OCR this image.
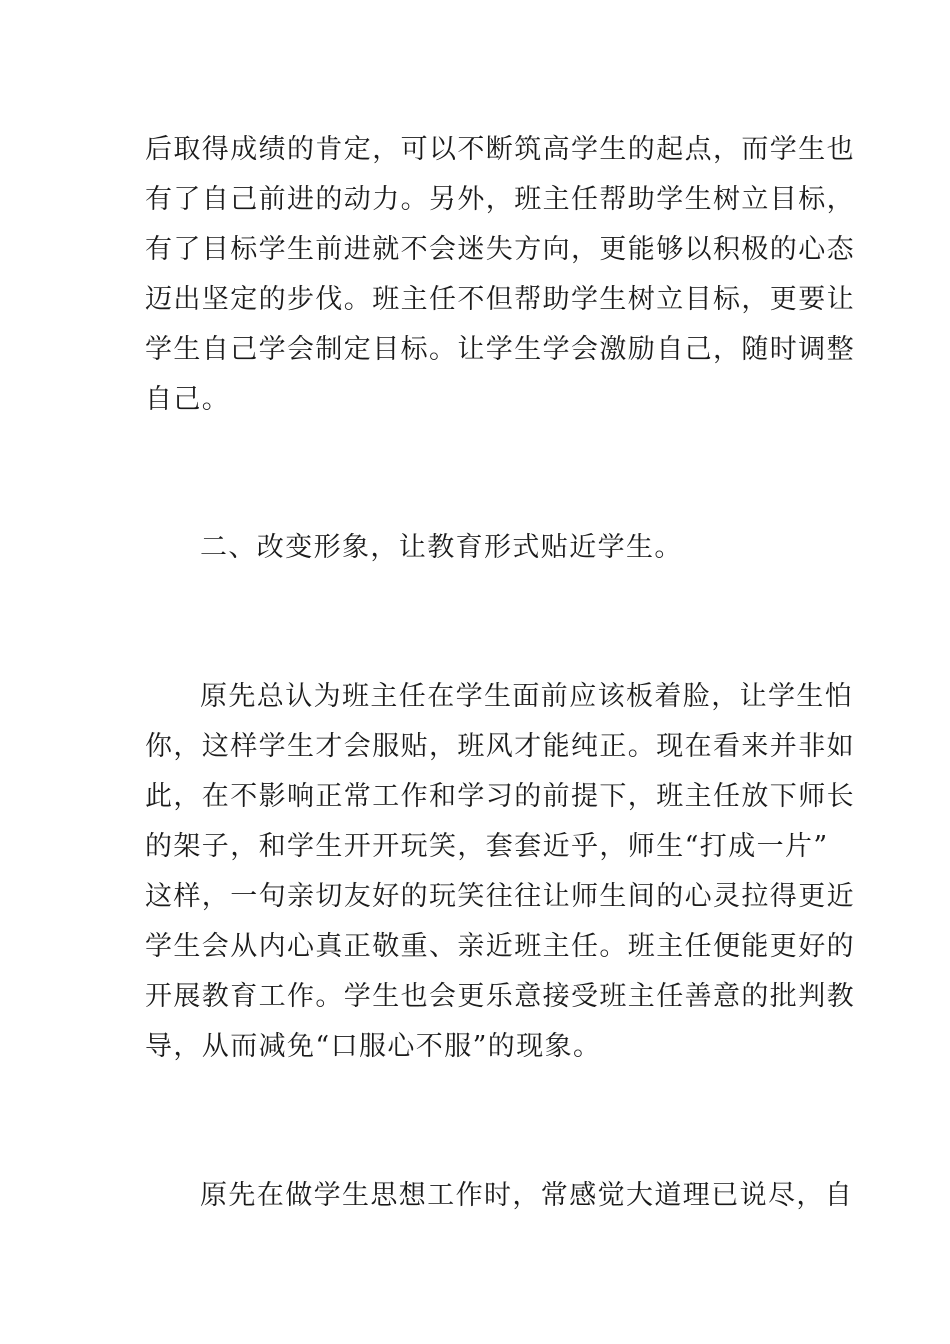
后取得成绩的肯定，可以不断筑高学生的起点，而学生也
有了自己前进的动力。另外，班主任帮助学生树立目标，
有了目标学生前进就不会迷失方向，更能够以积极的心态
迈出坚定的步伐。班主任不但帮助学生树立目标，更要让
学生自己学会制定目标。让学生学会激励自己，随时调整
自己。
二、改变形象，让教育形式贴近学生。
原先总认为班主任在学生面前应该板着脸，让学生怕
你，这样学生才会服贴，班风才能纯正。现在看来并非如
此，在不影响正常工作和学习的前提下，班主任放下师长
的架子，和学生开开玩笑，套套近乎，师生“打成一片”
这样，一句亲切友好的玩笑往往让师生间的心灵拉得更近
学生会从内心真正敬重、亲近班主任。班主任便能更好的
开展教育工作。学生也会更乐意接受班主任善意的批判教
导，从而减免“口服心不服”的现象。
原先在做学生思想工作时，常感觉大道理已说尽，自
